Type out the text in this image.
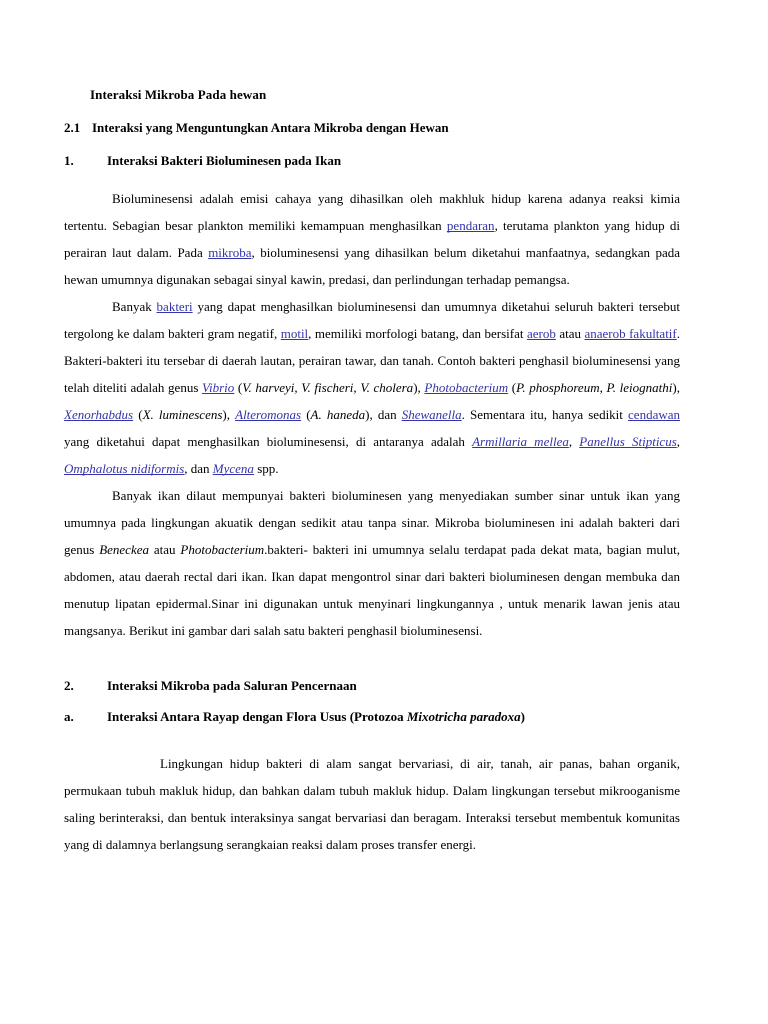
Interaksi Mikroba Pada hewan
2.1 Interaksi yang Menguntungkan Antara Mikroba dengan Hewan
1.	Interaksi Bakteri Bioluminesen pada Ikan

Bioluminesensi adalah emisi cahaya yang dihasilkan oleh makhluk hidup karena adanya reaksi kimia tertentu. Sebagian besar plankton memiliki kemampuan menghasilkan pendaran, terutama plankton yang hidup di perairan laut dalam. Pada mikroba, bioluminesensi yang dihasilkan belum diketahui manfaatnya, sedangkan pada hewan umumnya digunakan sebagai sinyal kawin, predasi, dan perlindungan terhadap pemangsa.

Banyak bakteri yang dapat menghasilkan bioluminesensi dan umumnya diketahui seluruh bakteri tersebut tergolong ke dalam bakteri gram negatif, motil, memiliki morfologi batang, dan bersifat aerob atau anaerob fakultatif. Bakteri-bakteri itu tersebar di daerah lautan, perairan tawar, dan tanah. Contoh bakteri penghasil bioluminesensi yang telah diteliti adalah genus Vibrio (V. harveyi, V. fischeri, V. cholera), Photobacterium (P. phosphoreum, P. leiognathi), Xenorhabdus (X. luminescens), Alteromonas (A. haneda), dan Shewanella. Sementara itu, hanya sedikit cendawan yang diketahui dapat menghasilkan bioluminesensi, di antaranya adalah Armillaria mellea, Panellus Stipticus, Omphalotus nidiformis, dan Mycena spp.

Banyak ikan dilaut mempunyai bakteri bioluminesen yang menyediakan sumber sinar untuk ikan yang umumnya pada lingkungan akuatik dengan sedikit atau tanpa sinar. Mikroba bioluminesen ini adalah bakteri dari genus Beneckea atau Photobacterium.bakteri- bakteri ini umumnya selalu terdapat pada dekat mata, bagian mulut, abdomen, atau daerah rectal dari ikan. Ikan dapat mengontrol sinar dari bakteri bioluminesen dengan membuka dan menutup lipatan epidermal.Sinar ini digunakan untuk menyinari lingkungannya , untuk menarik lawan jenis atau mangsanya. Berikut ini gambar dari salah satu bakteri penghasil bioluminesensi.

2.	Interaksi Mikroba pada Saluran Pencernaan
a.	Interaksi Antara Rayap dengan Flora Usus (Protozoa Mixotricha paradoxa)

Lingkungan hidup bakteri di alam sangat bervariasi, di air, tanah, air panas, bahan organik, permukaan tubuh makluk hidup, dan bahkan dalam tubuh makluk hidup. Dalam lingkungan tersebut mikrooganisme saling berinteraksi, dan bentuk interaksinya sangat bervariasi dan beragam. Interaksi tersebut membentuk komunitas yang di dalamnya berlangsung serangkaian reaksi dalam proses transfer energi.
